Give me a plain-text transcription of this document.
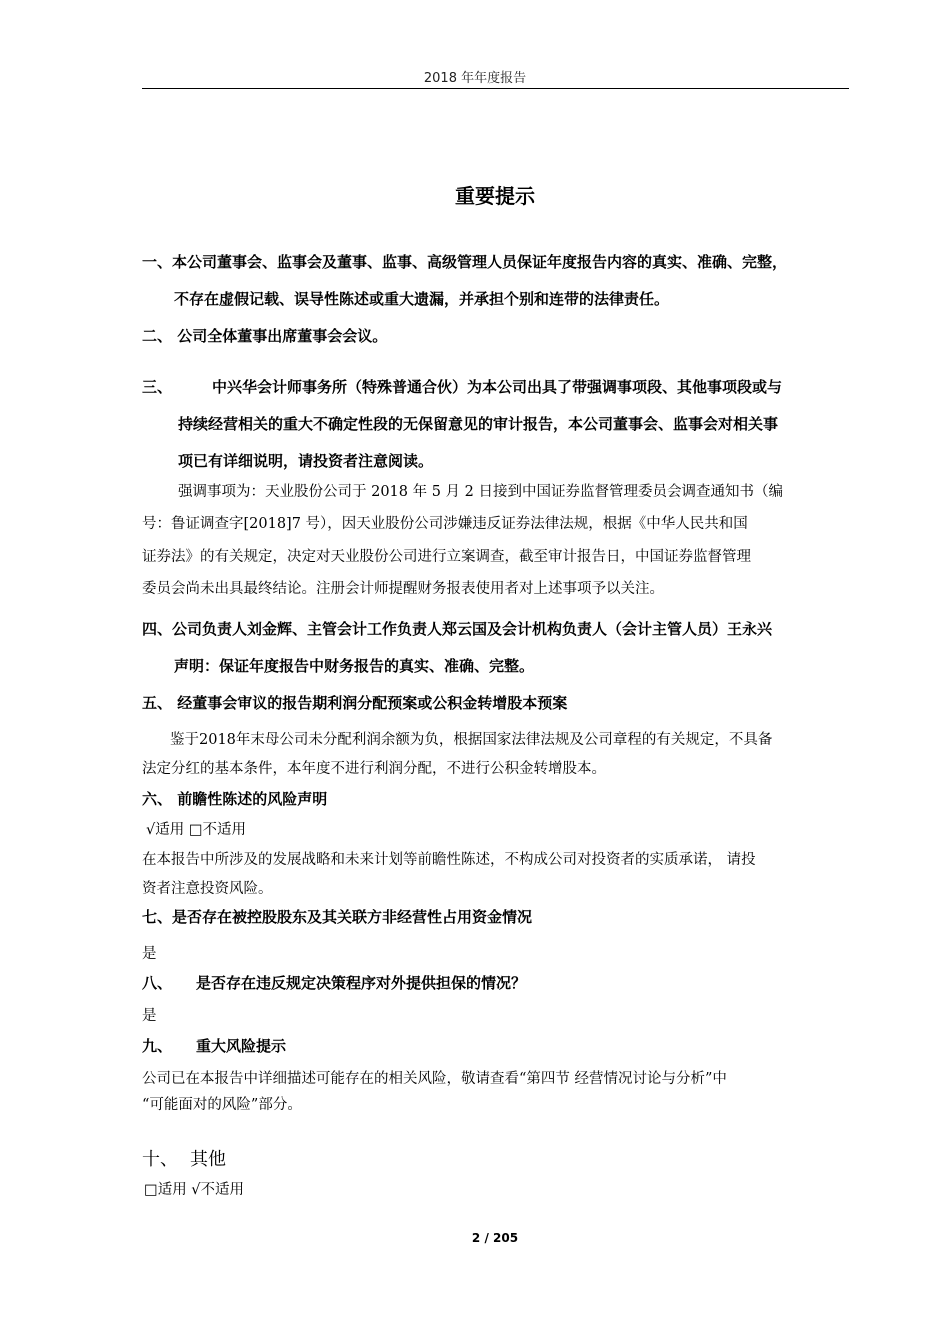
2018 年年度报告
重要提示
一、本公司董事会、监事会及董事、监事、高级管理人员保证年度报告内容的真实、准确、完整，
不存在虚假记载、误导性陈述或重大遗漏，并承担个别和连带的法律责任。
二、 公司全体董事出席董事会会议。
三、	中兴华会计师事务所（特殊普通合伙）为本公司出具了带强调事项段、其他事项段或与
持续经营相关的重大不确定性段的无保留意见的审计报告，本公司董事会、监事会对相关事
项已有详细说明，请投资者注意阅读。
强调事项为：天业股份公司于 2018 年 5 月 2 日接到中国证券监督管理委员会调查通知书（编
号：鲁证调查字[2018]7 号），因天业股份公司涉嫌违反证券法律法规，根据《中华人民共和国
证券法》的有关规定，决定对天业股份公司进行立案调查，截至审计报告日，中国证券监督管理
委员会尚未出具最终结论。注册会计师提醒财务报表使用者对上述事项予以关注。
四、公司负责人刘金辉、主管会计工作负责人郑云国及会计机构负责人（会计主管人员）王永兴
声明：保证年度报告中财务报告的真实、准确、完整。
五、 经董事会审议的报告期利润分配预案或公积金转增股本预案
鉴于2018年末母公司未分配利润余额为负，根据国家法律法规及公司章程的有关规定，不具备
法定分红的基本条件，本年度不进行利润分配，不进行公积金转增股本。
六、 前瞻性陈述的风险声明
√适用 □不适用
在本报告中所涉及的发展战略和未来计划等前瞻性陈述，不构成公司对投资者的实质承诺， 请投
资者注意投资风险。
七、是否存在被控股股东及其关联方非经营性占用资金情况
是
八、 是否存在违反规定决策程序对外提供担保的情况？
是
九、 重大风险提示
公司已在本报告中详细描述可能存在的相关风险，敬请查看“第四节 经营情况讨论与分析”中
“可能面对的风险”部分。
十、 其他
□适用 √不适用
2 / 205
